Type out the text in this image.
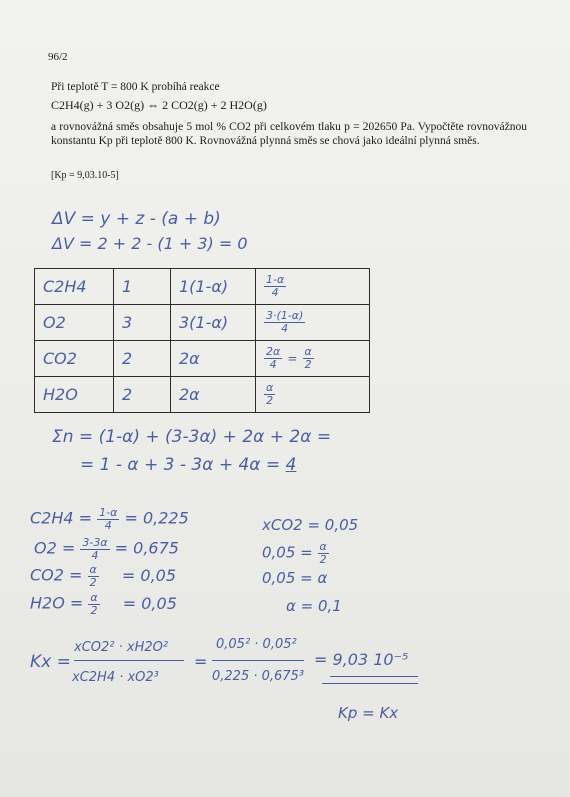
96/2
Při teplotě T = 800 K probíhá reakce
C2H4(g) + 3 O2(g) ⇔ 2 CO2(g) + 2 H2O(g)
a rovnovážná směs obsahuje 5 mol % CO2 při celkovém tlaku p = 202650 Pa. Vypočtěte rovnovážnou konstantu Kp při teplotě 800 K. Rovnovážná plynná směs se chová jako ideální plynná směs.
[Kp = 9,03.10-5]
ΔV = y + z - (a + b)
ΔV = 2 + 2 - (1 + 3) = 0
C2H4	1	1(1-α)	$\frac{1-\alpha}{4}$

O2	3	3(1-α)	$\frac{3\cdot(1-\alpha)}{4}$

CO2	2	2α	$\frac{2\alpha}{4} = \frac{\alpha}{2}$

H2O	2	2α	$\frac{\alpha}{2}$
Σn = (1-α) + (3-3α) + 2α + 2α =
= 1 - α + 3 - 3α + 4α = 4
$C2H4 = \frac{1-\alpha}{4} = 0,225$
$O2 = \frac{3-3\alpha}{4} = 0,675$
$CO2 = \frac{\alpha}{2} = 0,05$
$H2O = \frac{\alpha}{2} = 0,05$
xCO2 = 0,05
$0,05 = \frac{\alpha}{2}$
0,05 = α
α = 0,1
Kx =
xCO2² · xH2O²
xC2H4 · xO2³
=
0,05² · 0,05²
0,225 · 0,675³
= 9,03 10⁻⁵
Kp = Kx
